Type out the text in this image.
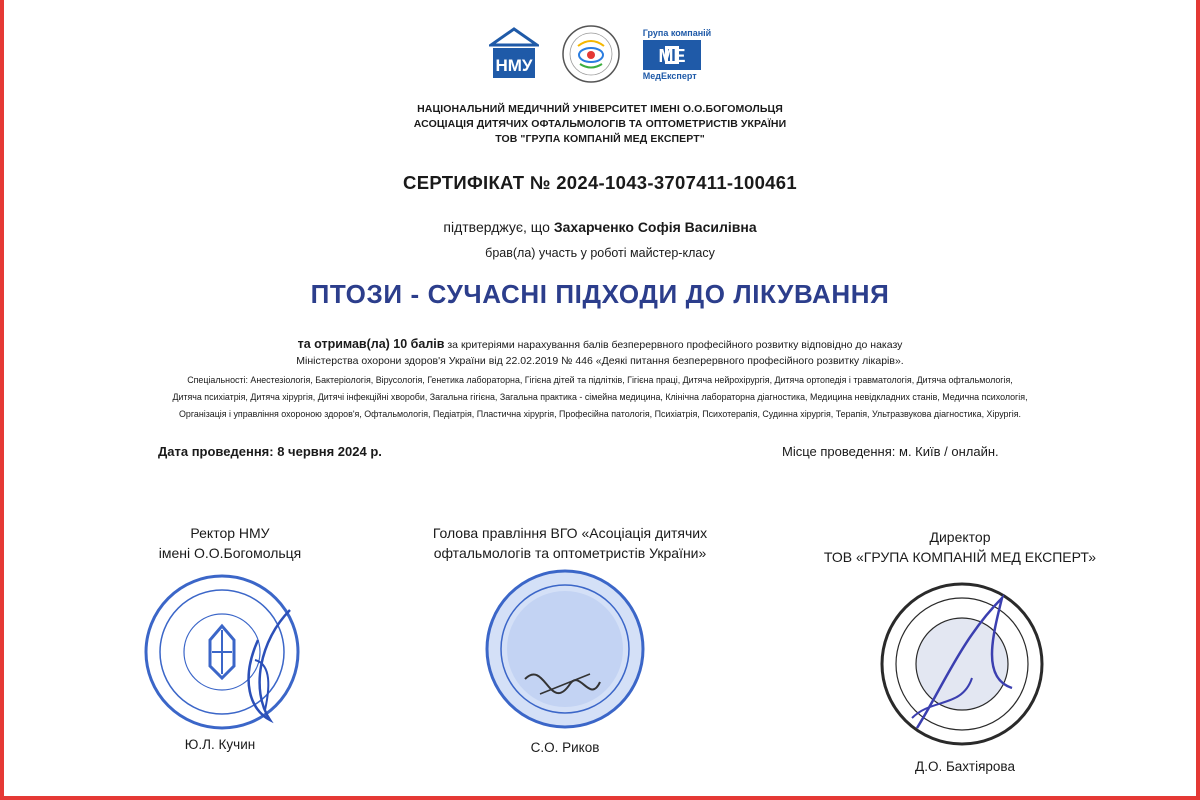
НМУ
Група компаній
МЕ
МедЕксперт
НАЦІОНАЛЬНИЙ МЕДИЧНИЙ УНІВЕРСИТЕТ ІМЕНІ О.О.БОГОМОЛЬЦЯ
АСОЦІАЦІЯ ДИТЯЧИХ ОФТАЛЬМОЛОГІВ ТА ОПТОМЕТРИСТІВ УКРАЇНИ
ТОВ "ГРУПА КОМПАНІЙ МЕД ЕКСПЕРТ"
СЕРТИФІКАТ № 2024-1043-3707411-100461
підтверджує, що Захарченко Софія Василівна
брав(ла) участь у роботі майстер-класу
ПТОЗИ - СУЧАСНІ ПІДХОДИ ДО ЛІКУВАННЯ
та отримав(ла) 10 балів за критеріями нарахування балів безперервного професійного розвитку відповідно до наказу
Міністерства охорони здоров'я України від 22.02.2019 № 446 «Деякі питання безперервного професійного розвитку лікарів».
Спеціальності: Анестезіологія, Бактеріологія, Вірусологія, Генетика лабораторна, Гігієна дітей та підлітків, Гігієна праці, Дитяча нейрохірургія, Дитяча ортопедія і травматологія, Дитяча офтальмологія,
Дитяча психіатрія, Дитяча хірургія, Дитячі інфекційні хвороби, Загальна гігієна, Загальна практика - сімейна медицина, Клінічна лабораторна діагностика, Медицина невідкладних станів, Медична психологія,
Організація і управління охороною здоров'я, Офтальмологія, Педіатрія, Пластична хірургія, Професійна патологія, Психіатрія, Психотерапія, Судинна хірургія, Терапія, Ультразвукова діагностика, Хірургія.
Дата проведення: 8 червня 2024 р.	Місце проведення: м. Київ / онлайн.
Ректор НМУ
імені О.О.Богомольця
Ю.Л. Кучин
Голова правління ВГО «Асоціація дитячих
офтальмологів та оптометристів України»
С.О. Риков
Директор
ТОВ «ГРУПА КОМПАНІЙ МЕД ЕКСПЕРТ»
Д.О. Бахтіярова
